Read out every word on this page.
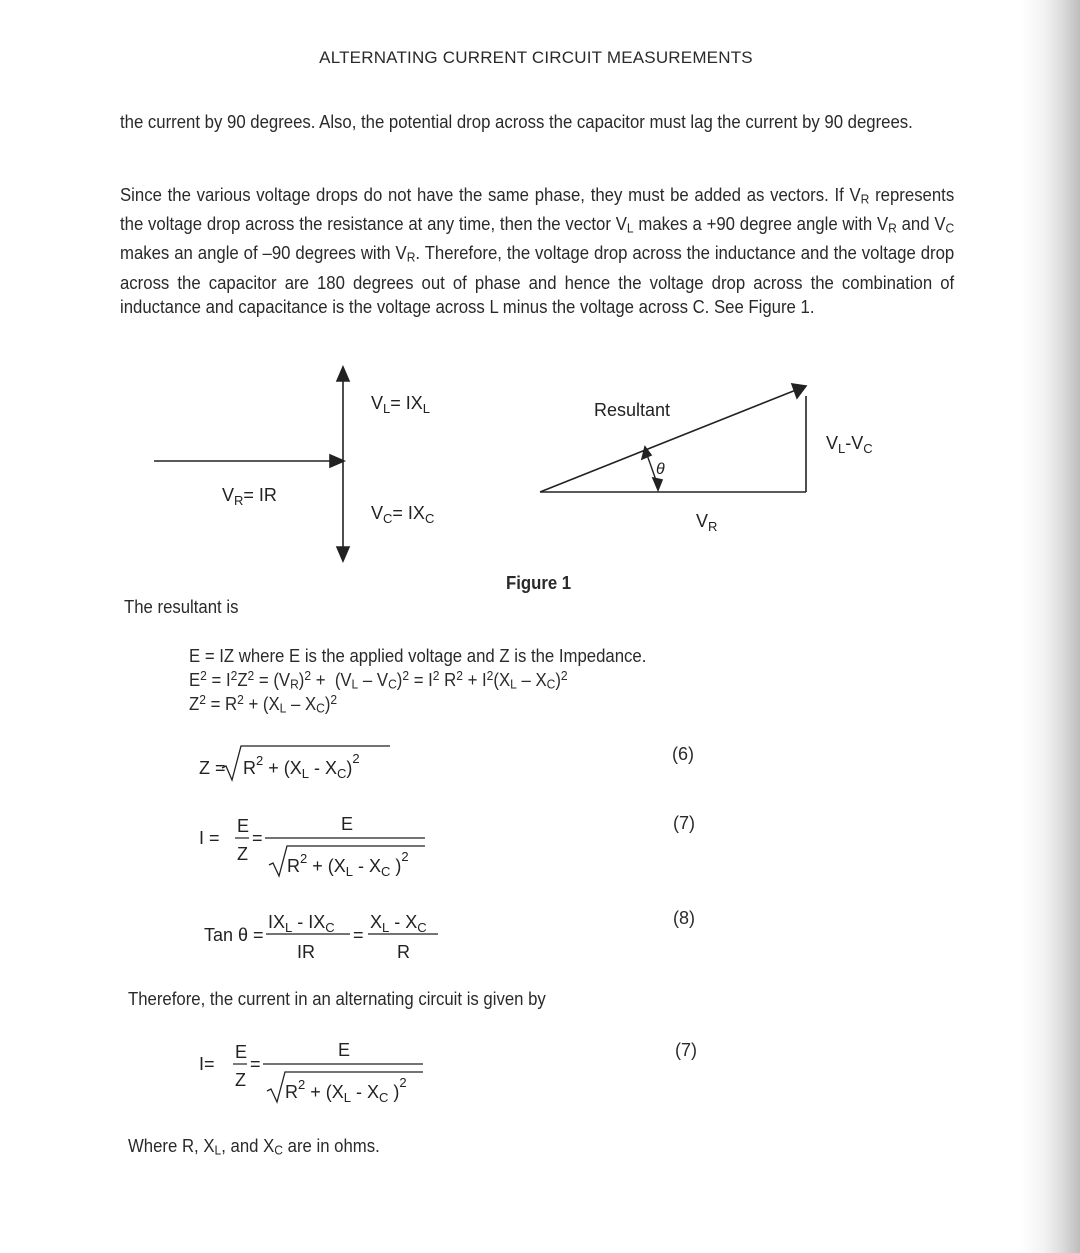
ALTERNATING CURRENT CIRCUIT MEASUREMENTS

the current by 90 degrees. Also, the potential drop across the capacitor must lag the current by 90 degrees.

Since the various voltage drops do not have the same phase, they must be added as vectors. If $V_R$ represents the voltage drop across the resistance at any time, then the vector $V_L$ makes a +90 degree angle with $V_R$ and $V_C$ makes an angle of –90 degrees with $V_R$. Therefore, the voltage drop across the inductance and the voltage drop across the capacitor are 180 degrees out of phase and hence the voltage drop across the combination of inductance and capacitance is the voltage across L minus the voltage across C. See Figure 1.

$V_L= IX_L$
$V_C= IX_C$
$V_R=$ IR
Resultant
θ
$V_R$
$V_L-V_C$
Figure 1
The resultant is
E = IZ where E is the applied voltage and Z is the Impedance.
$E^2 = I^2Z^2 = (V_R)^2 + (V_L - V_C)^2 = I^2$ $R^2 + I^2(X_L - X_C)^2$
$Z^2 = R^2 + (X_L - X_C)^2$
$Z = R^2 + (X_L - X_C)^2$	(6)
I =
E
Z
=
E
$R^2 + (X_L - X_C$ )$^2$
(7)
Tan θ =
$IX_L - IX_C$
IR
=
$X_L - X_C$
R
(8)
Therefore, the current in an alternating circuit is given by
I=
E
Z
=
E
$R^2 + (X_L - X_C$ )$^2$
(7)
Where R, $X_L$, and $X_C$ are in ohms.
